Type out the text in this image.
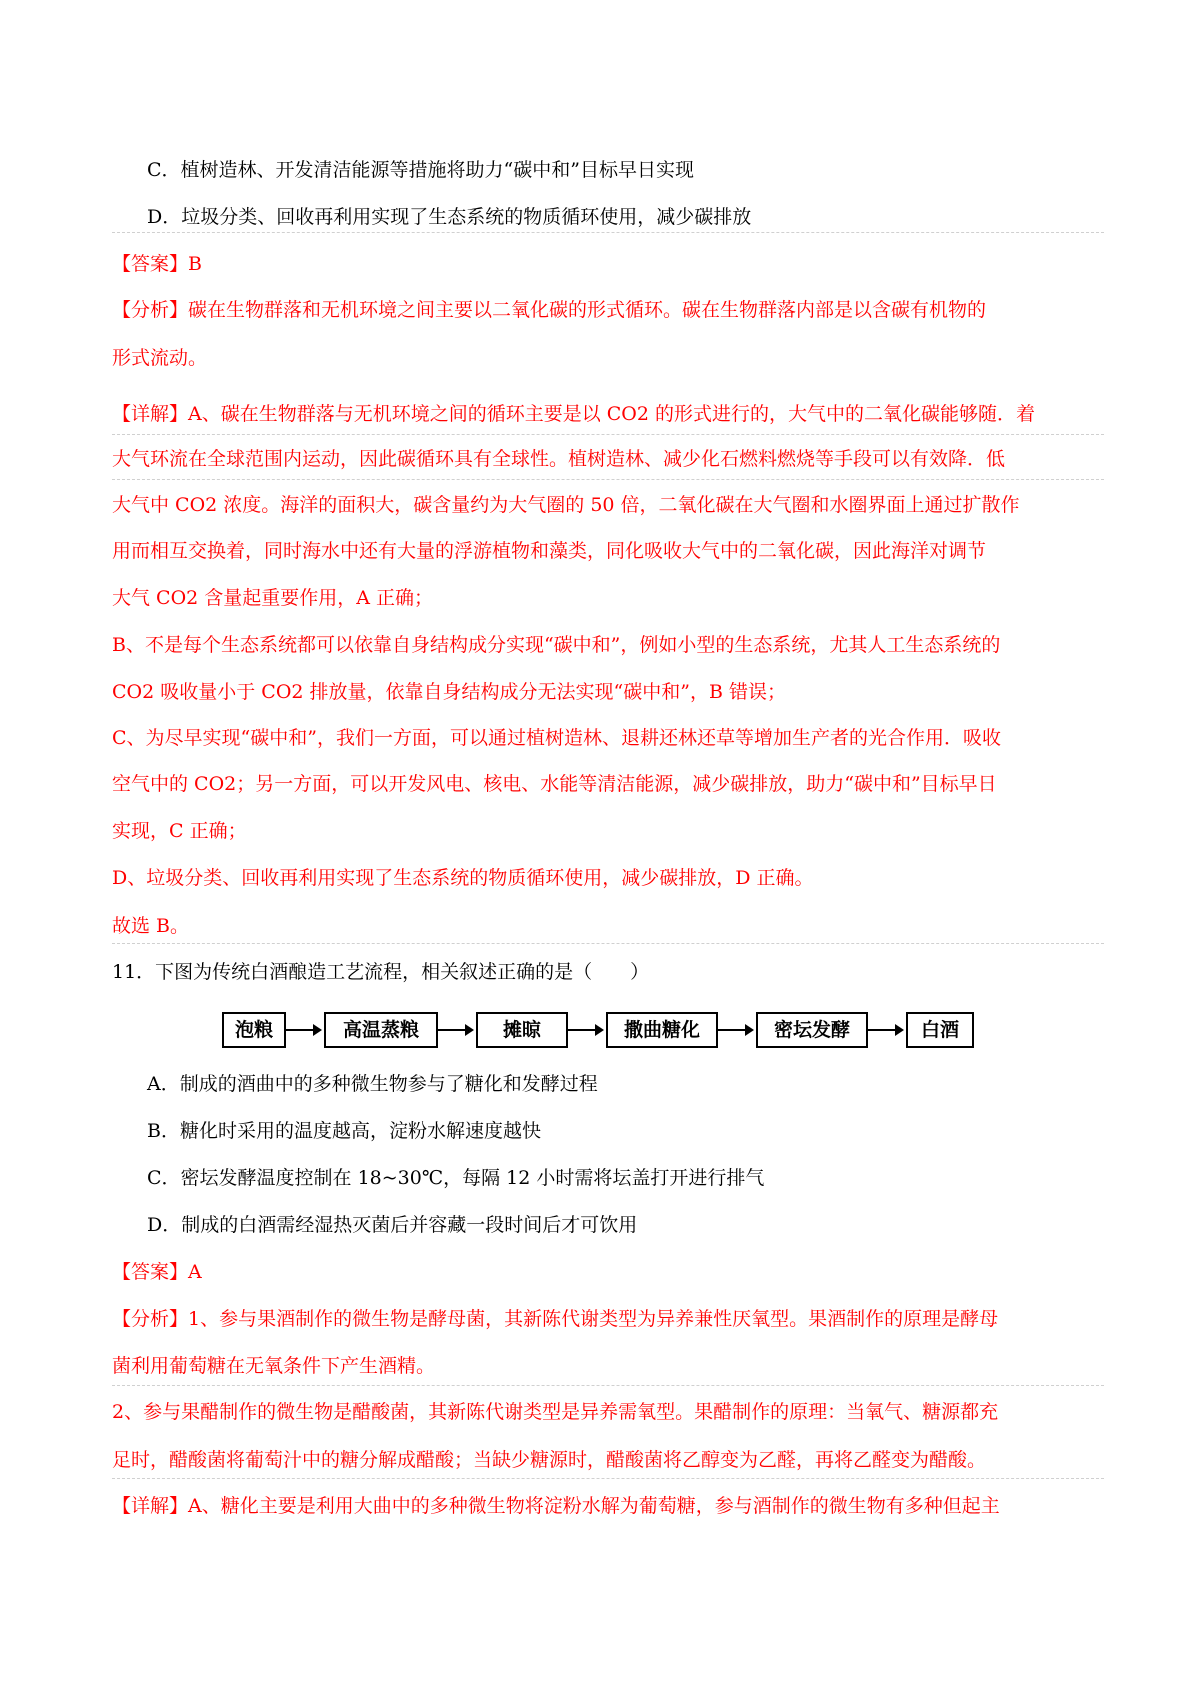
C．植树造林、开发清洁能源等措施将助力“碳中和”目标早日实现
D．垃圾分类、回收再利用实现了生态系统的物质循环使用，减少碳排放
【答案】B
【分析】碳在生物群落和无机环境之间主要以二氧化碳的形式循环。碳在生物群落内部是以含碳有机物的
形式流动。
【详解】A、碳在生物群落与无机环境之间的循环主要是以 CO2 的形式进行的，大气中的二氧化碳能够随．着
大气环流在全球范围内运动，因此碳循环具有全球性。植树造林、减少化石燃料燃烧等手段可以有效降．低
大气中 CO2 浓度。海洋的面积大，碳含量约为大气圈的 50 倍，二氧化碳在大气圈和水圈界面上通过扩散作
用而相互交换着，同时海水中还有大量的浮游植物和藻类，同化吸收大气中的二氧化碳，因此海洋对调节
大气 CO2 含量起重要作用，A 正确；
B、不是每个生态系统都可以依靠自身结构成分实现“碳中和”，例如小型的生态系统，尤其人工生态系统的
CO2 吸收量小于 CO2 排放量，依靠自身结构成分无法实现“碳中和”，B 错误；
C、为尽早实现“碳中和”，我们一方面，可以通过植树造林、退耕还林还草等增加生产者的光合作用．吸收
空气中的 CO2；另一方面，可以开发风电、核电、水能等清洁能源，减少碳排放，助力“碳中和”目标早日
实现，C 正确；
D、垃圾分类、回收再利用实现了生态系统的物质循环使用，减少碳排放，D 正确。
故选 B。
11．下图为传统白酒酿造工艺流程，相关叙述正确的是（　　）
泡粮	高温蒸粮	摊晾	撒曲糖化	密坛发酵	白酒
A．制成的酒曲中的多种微生物参与了糖化和发酵过程
B．糖化时采用的温度越高，淀粉水解速度越快
C．密坛发酵温度控制在 18~30℃，每隔 12 小时需将坛盖打开进行排气
D．制成的白酒需经湿热灭菌后并容藏一段时间后才可饮用
【答案】A
【分析】1、参与果酒制作的微生物是酵母菌，其新陈代谢类型为异养兼性厌氧型。果酒制作的原理是酵母
菌利用葡萄糖在无氧条件下产生酒精。
2、参与果醋制作的微生物是醋酸菌，其新陈代谢类型是异养需氧型。果醋制作的原理：当氧气、糖源都充
足时，醋酸菌将葡萄汁中的糖分解成醋酸；当缺少糖源时，醋酸菌将乙醇变为乙醛，再将乙醛变为醋酸。
【详解】A、糖化主要是利用大曲中的多种微生物将淀粉水解为葡萄糖，参与酒制作的微生物有多种但起主
